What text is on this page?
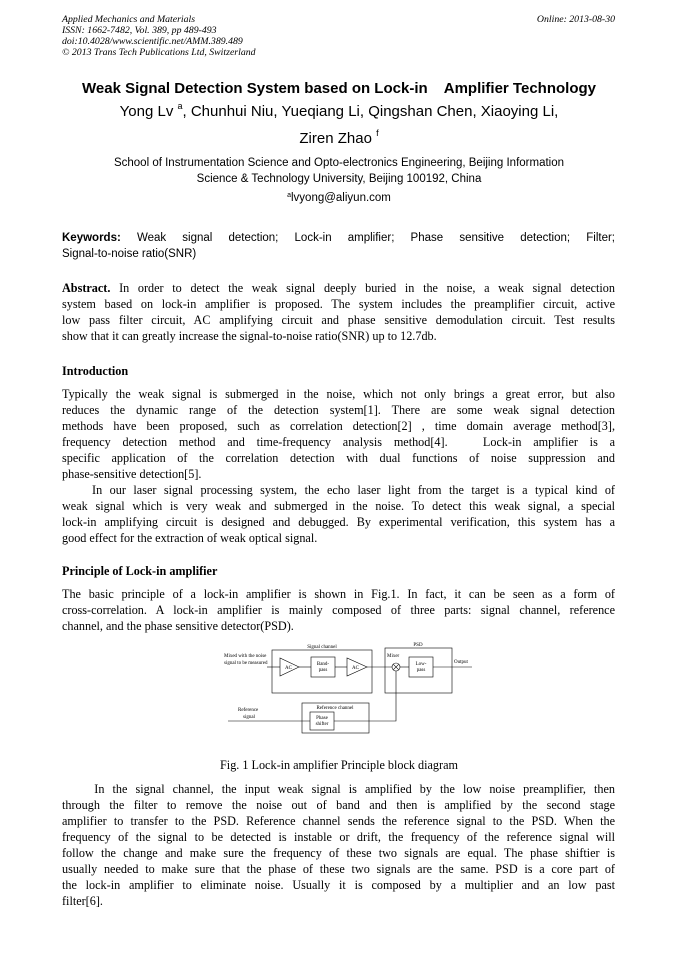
Applied Mechanics and Materials
ISSN: 1662-7482, Vol. 389, pp 489-493
doi:10.4028/www.scientific.net/AMM.389.489
© 2013 Trans Tech Publications Ltd, Switzerland
Online: 2013-08-30
Weak Signal Detection System based on Lock-in    Amplifier Technology
Yong Lv $^a$, Chunhui Niu, Yueqiang Li, Qingshan Chen, Xiaoying Li,
Ziren Zhao $^f$
School of Instrumentation Science and Opto-electronics Engineering, Beijing Information
Science & Technology University, Beijing 100192, China
$^a$lvyong@aliyun.com
Keywords: Weak signal detection; Lock-in amplifier; Phase sensitive detection; Filter;
Signal-to-noise ratio(SNR)
Abstract. In order to detect the weak signal deeply buried in the noise, a weak signal detection
system based on lock-in amplifier is proposed. The system includes the preamplifier circuit, active
low pass filter circuit, AC amplifying circuit and phase sensitive demodulation circuit. Test results
show that it can greatly increase the signal-to-noise ratio(SNR) up to 12.7db.
Introduction
Typically the weak signal is submerged in the noise, which not only brings a great error, but also
reduces the dynamic range of the detection system[1]. There are some weak signal detection
methods have been proposed, such as correlation detection[2] , time domain average method[3],
frequency detection method and time-frequency analysis method[4].   Lock-in amplifier is a
specific application of the correlation detection with dual functions of noise suppression and
phase-sensitive detection[5].
In our laser signal processing system, the echo laser light from the target is a typical kind of
weak signal which is very weak and submerged in the noise. To detect this weak signal, a special
lock-in amplifying circuit is designed and debugged. By experimental verification, this system has a
good effect for the extraction of weak optical signal.
Principle of Lock-in amplifier
The basic principle of a lock-in amplifier is shown in Fig.1. In fact, it can be seen as a form of
cross-correlation. A lock-in amplifier is mainly composed of three parts: signal channel, reference
channel, and the phase sensitive detector(PSD).
Signal channel
Mixed with the noise
signal to be measured
AC
Band-
pass	AC
PSD
Mixer
Low-
pass
Output
Reference
signal
Reference channel
Phase
shifter
Fig. 1 Lock-in amplifier Principle block diagram
In the signal channel, the input weak signal is amplified by the low noise preamplifier, then
through the filter to remove the noise out of band and then is amplified by the second stage
amplifier to transfer to the PSD. Reference channel sends the reference signal to the PSD. When the
frequency of the signal to be detected is instable or drift, the frequency of the reference signal will
follow the change and make sure the frequency of these two signals are equal. The phase shiftier is
usually needed to make sure that the phase of these two signals are the same. PSD is a core part of
the lock-in amplifier to eliminate noise. Usually it is composed by a multiplier and an low past
filter[6].
